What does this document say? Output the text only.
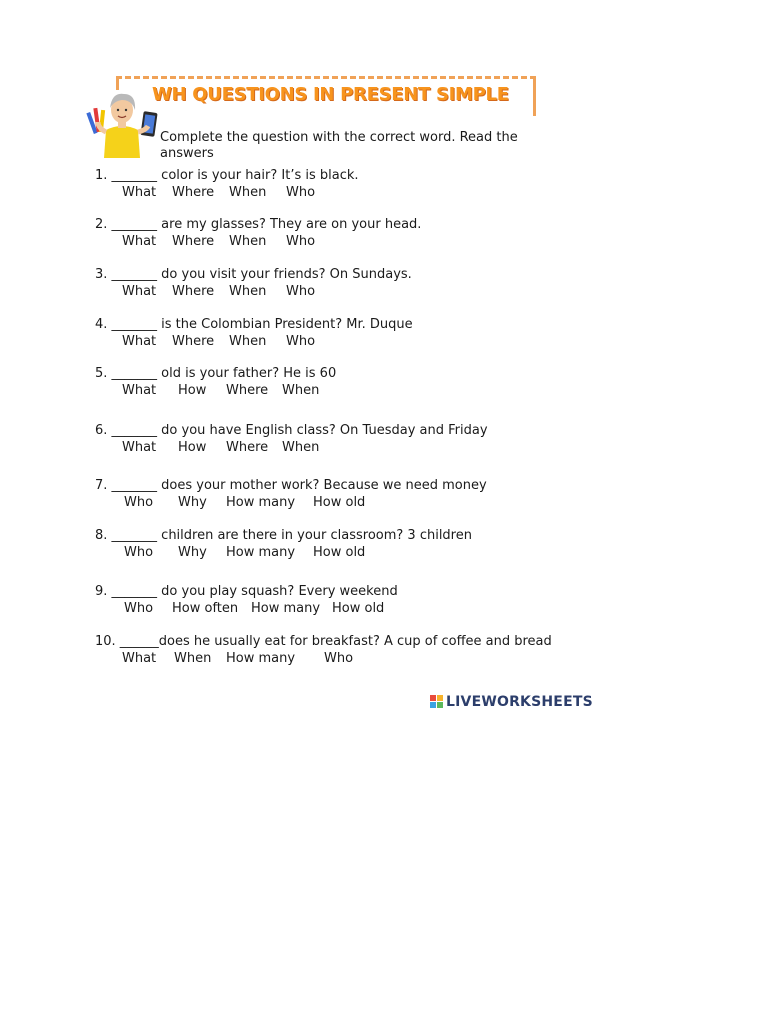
WH QUESTIONS IN PRESENT SIMPLE
Complete the question with the correct word. Read the answers
1. _______ color is your hair? It’s is black.
What Where When Who
2. _______ are my glasses? They are on your head.
What Where When Who
3. _______ do you visit your friends? On Sundays.
What Where When Who
4. _______ is the Colombian President? Mr. Duque
What Where When Who
5. _______ old is your father? He is 60
What How Where When
6. _______ do you have English class? On Tuesday and Friday
What How Where When
7. _______ does your mother work? Because we need money
Who Why How many How old
8. _______ children are there in your classroom? 3 children
Who Why How many How old
9. _______ do you play squash? Every weekend
Who How often How many How old
10. ______does he usually eat for breakfast? A cup of coffee and bread
What When How many Who
LIVEWORKSHEETS
